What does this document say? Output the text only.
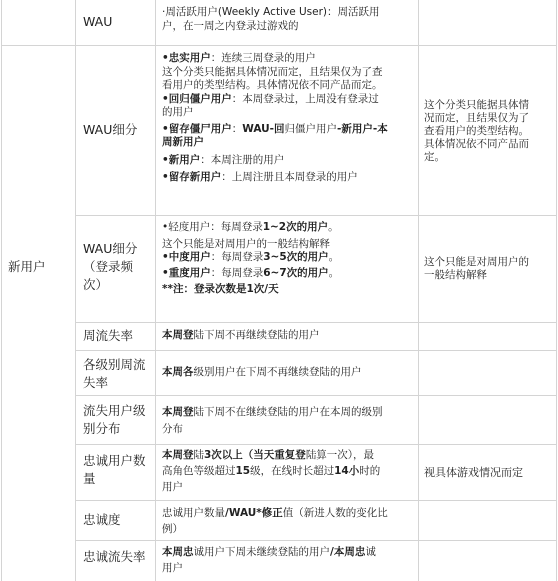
新用户
WAU
·周活跃用户(Weekly Active User)：周活跃用
户，在一周之内登录过游戏的
WAU细分
•忠实用户：连续三周登录的用户
这个分类只能据具体情况而定，且结果仅为了查
看用户的类型结构。具体情况依不同产品而定。
•回归僵户用户：本周登录过，上周没有登录过
的用户
•留存僵尸用户：WAU-回归僵户用户-新用户-本
周新用户
•新用户：本周注册的用户
•留存新用户：上周注册且本周登录的用户
这个分类只能据具体情
况而定，且结果仅为了
查看用户的类型结构。
具体情况依不同产品而
定。
WAU细分
（登录频
次）
•轻度用户：每周登录1~2次的用户。
这个只能是对周用户的一般结构解释
•中度用户：每周登录3~5次的用户。
•重度用户：每周登录6~7次的用户。
**注：登录次数是1次/天
这个只能是对周用户的
一般结构解释
周流失率	本周登陆下周不再继续登陆的用户
各级别周流
失率
本周各级别用户在下周不再继续登陆的用户
流失用户级
别分布
本周登陆下周不在继续登陆的用户在本周的级别
分布
忠诚用户数
量
本周登陆3次以上（当天重复登陆算一次），最
高角色等级超过15级，在线时长超过14小时的
用户
视具体游戏情况而定
忠诚度	忠诚用户数量/WAU*修正值（新进人数的变化比
例）
忠诚流失率 本周忠诚用户下周未继续登陆的用户/本周忠诚
用户
